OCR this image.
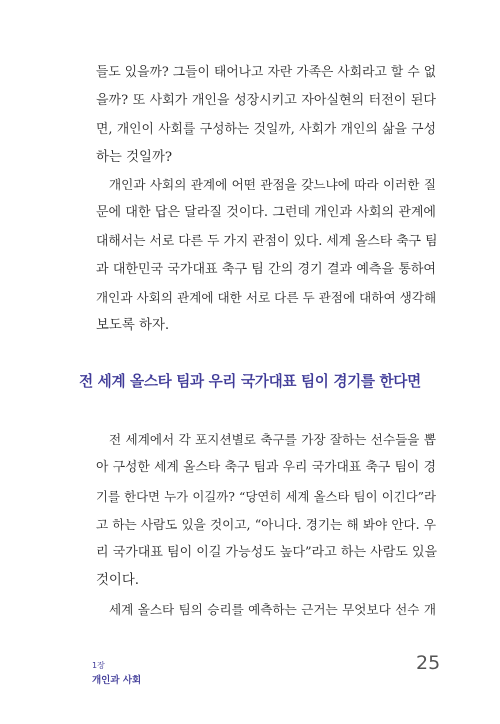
들도 있을까? 그들이 태어나고 자란 가족은 사회라고 할 수 없
을까? 또 사회가 개인을 성장시키고 자아실현의 터전이 된다
면, 개인이 사회를 구성하는 것일까, 사회가 개인의 삶을 구성
하는 것일까?

개인과 사회의 관계에 어떤 관점을 갖느냐에 따라 이러한 질
문에 대한 답은 달라질 것이다. 그런데 개인과 사회의 관계에
대해서는 서로 다른 두 가지 관점이 있다. 세계 올스타 축구 팀
과 대한민국 국가대표 축구 팀 간의 경기 결과 예측을 통하여
개인과 사회의 관계에 대한 서로 다른 두 관점에 대하여 생각해
보도록 하자.

전 세계 올스타 팀과 우리 국가대표 팀이 경기를 한다면

전 세계에서 각 포지션별로 축구를 가장 잘하는 선수들을 뽑
아 구성한 세계 올스타 축구 팀과 우리 국가대표 축구 팀이 경
기를 한다면 누가 이길까? “당연히 세계 올스타 팀이 이긴다”라
고 하는 사람도 있을 것이고, “아니다. 경기는 해 봐야 안다. 우
리 국가대표 팀이 이길 가능성도 높다”라고 하는 사람도 있을
것이다.
세계 올스타 팀의 승리를 예측하는 근거는 무엇보다 선수 개

1장
개인과 사회
25
